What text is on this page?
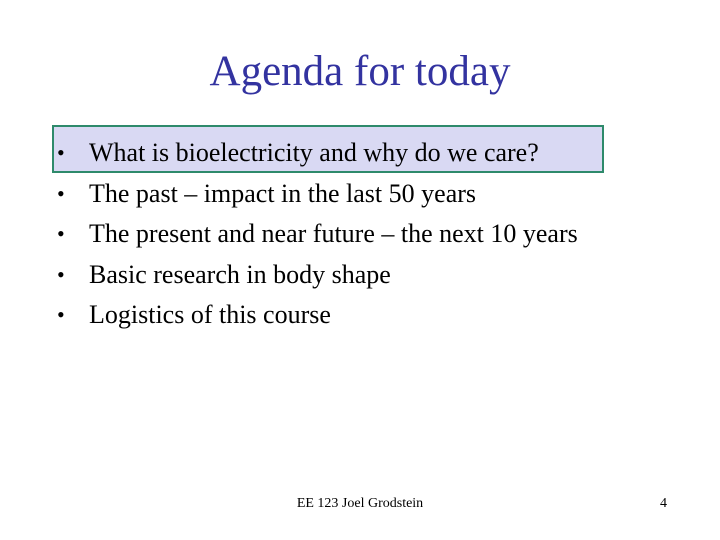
Agenda for today
• What is bioelectricity and why do we care?
• The past – impact in the last 50 years
• The present and near future – the next 10 years
• Basic research in body shape
• Logistics of this course
EE 123 Joel Grodstein	4
